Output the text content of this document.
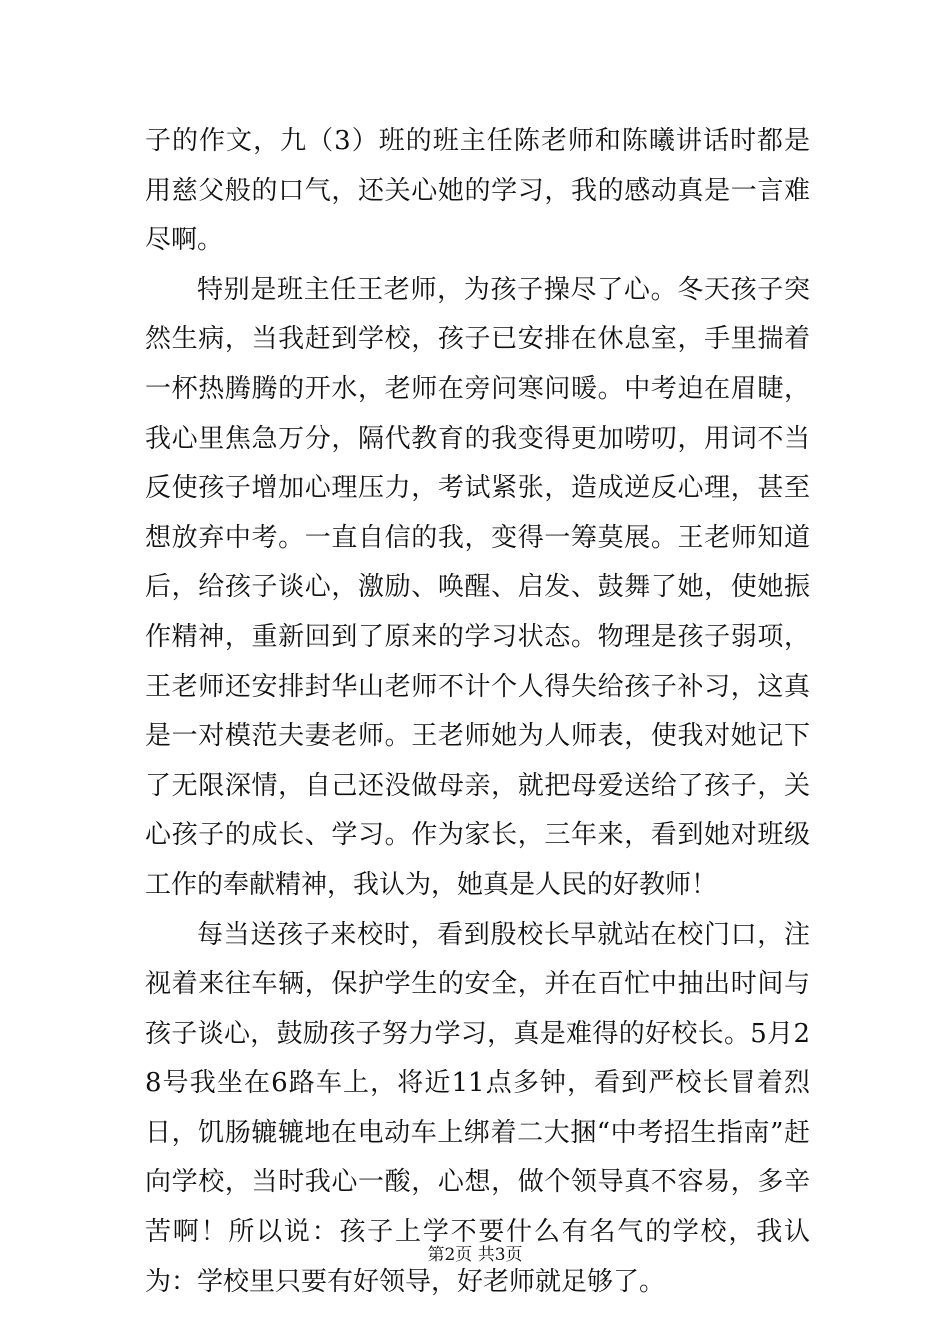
子的作文，九（3）班的班主任陈老师和陈曦讲话时都是用慈父般的口气，还关心她的学习，我的感动真是一言难尽啊。

特别是班主任王老师，为孩子操尽了心。冬天孩子突然生病，当我赶到学校，孩子已安排在休息室，手里揣着一杯热腾腾的开水，老师在旁问寒问暖。中考迫在眉睫，我心里焦急万分，隔代教育的我变得更加唠叨，用词不当反使孩子增加心理压力，考试紧张，造成逆反心理，甚至想放弃中考。一直自信的我，变得一筹莫展。王老师知道后，给孩子谈心，激励、唤醒、启发、鼓舞了她，使她振作精神，重新回到了原来的学习状态。物理是孩子弱项，王老师还安排封华山老师不计个人得失给孩子补习，这真是一对模范夫妻老师。王老师她为人师表，使我对她记下了无限深情，自己还没做母亲，就把母爱送给了孩子，关心孩子的成长、学习。作为家长，三年来，看到她对班级工作的奉献精神，我认为，她真是人民的好教师！

每当送孩子来校时，看到殷校长早就站在校门口，注视着来往车辆，保护学生的安全，并在百忙中抽出时间与孩子谈心，鼓励孩子努力学习，真是难得的好校长。5月28号我坐在6路车上，将近11点多钟，看到严校长冒着烈日，饥肠辘辘地在电动车上绑着二大捆“中考招生指南”赶向学校，当时我心一酸，心想，做个领导真不容易，多辛苦啊！所以说：孩子上学不要什么有名气的学校，我认为：学校里只要有好领导，好老师就足够了。

第2页 共3页
